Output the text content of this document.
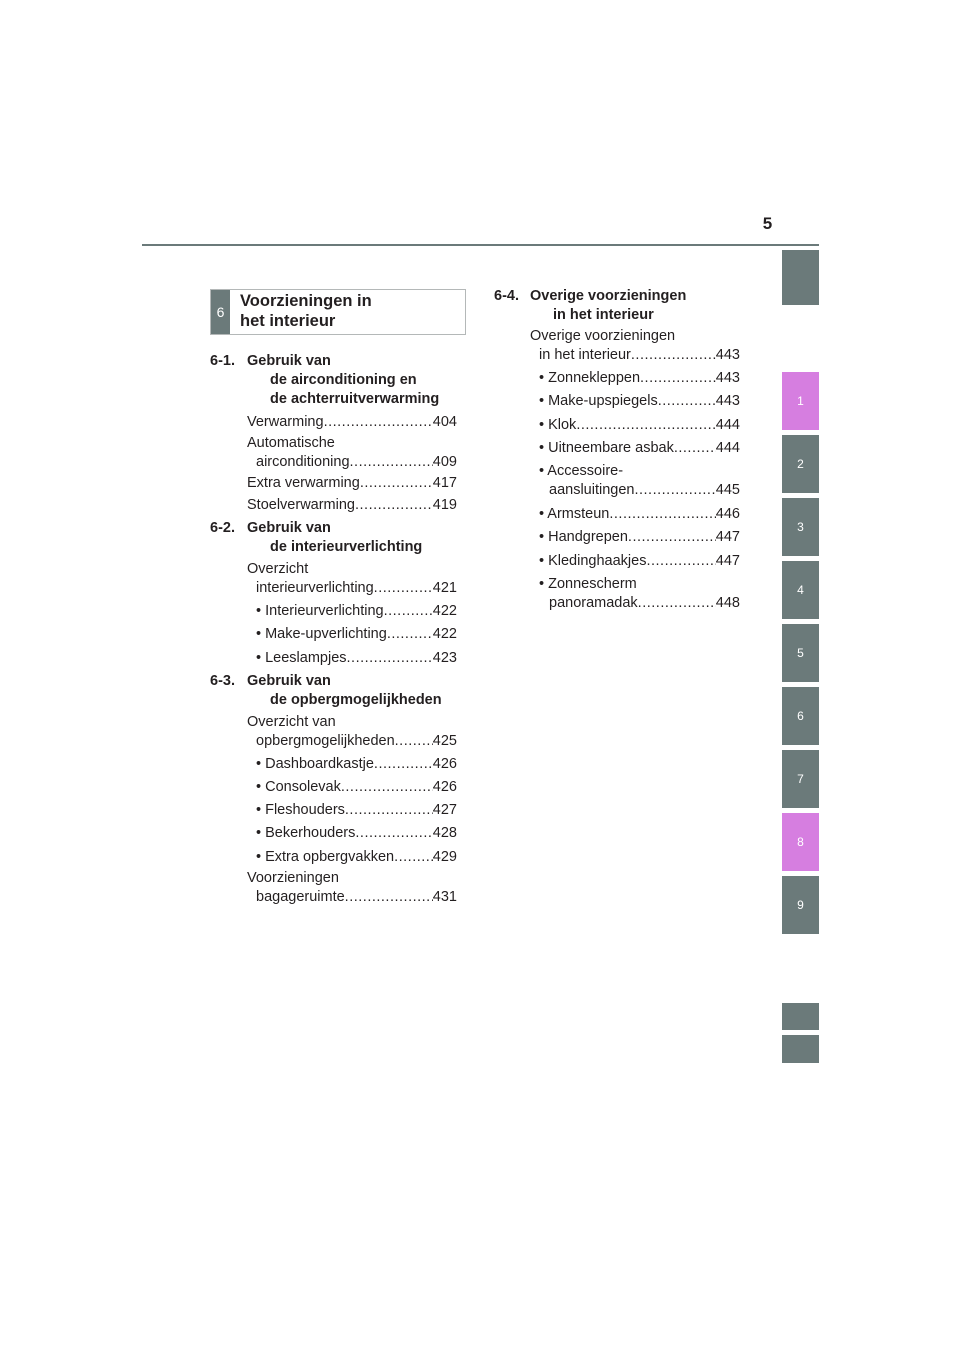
5
1
2
3
4
5
6
7
8
9
6
Voorzieningen in
het interieur
6-1. Gebruik van
de airconditioning en
de achterruitverwarming
Verwarming .....	404
Automatische
airconditioning .....	409
Extra verwarming .....	417
Stoelverwarming .....	419
6-2. Gebruik van
de interieurverlichting
Overzicht
interieurverlichting .....	421
• Interieurverlichting .....	422
• Make-upverlichting .....	422
• Leeslampjes .....	423
6-3. Gebruik van
de opbergmogelijkheden
Overzicht van
opbergmogelijkheden .....	425
• Dashboardkastje .....	426
• Consolevak .....	426
• Fleshouders .....	427
• Bekerhouders .....	428
• Extra opbergvakken .....	429
Voorzieningen
bagageruimte .....	431
6-4. Overige voorzieningen
in het interieur
Overige voorzieningen
in het interieur .....	443
• Zonnekleppen .....	443
• Make-upspiegels .....	443
• Klok .....	444
• Uitneembare asbak .....	444
• Accessoire-
aansluitingen .....	445
• Armsteun .....	446
• Handgrepen .....	447
• Kledinghaakjes .....	447
• Zonnescherm
panoramadak .....	448
